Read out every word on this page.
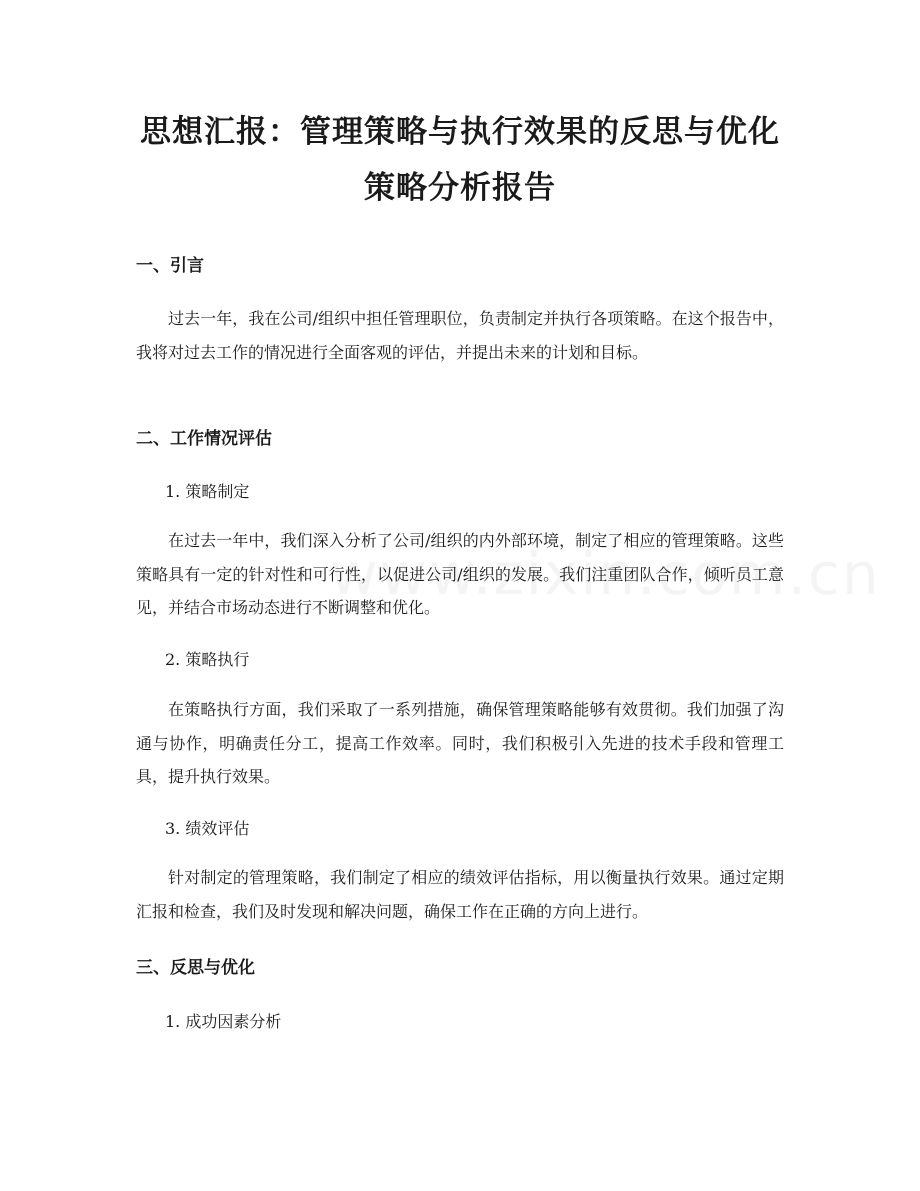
思想汇报：管理策略与执行效果的反思与优化策略分析报告
一、引言

过去一年，我在公司/组织中担任管理职位，负责制定并执行各项策略。在这个报告中，我将对过去工作的情况进行全面客观的评估，并提出未来的计划和目标。

二、工作情况评估

1. 策略制定

在过去一年中，我们深入分析了公司/组织的内外部环境，制定了相应的管理策略。这些策略具有一定的针对性和可行性，以促进公司/组织的发展。我们注重团队合作，倾听员工意见，并结合市场动态进行不断调整和优化。

2. 策略执行

在策略执行方面，我们采取了一系列措施，确保管理策略能够有效贯彻。我们加强了沟通与协作，明确责任分工，提高工作效率。同时，我们积极引入先进的技术手段和管理工具，提升执行效果。

3. 绩效评估

针对制定的管理策略，我们制定了相应的绩效评估指标，用以衡量执行效果。通过定期汇报和检查，我们及时发现和解决问题，确保工作在正确的方向上进行。

三、反思与优化

1. 成功因素分析
